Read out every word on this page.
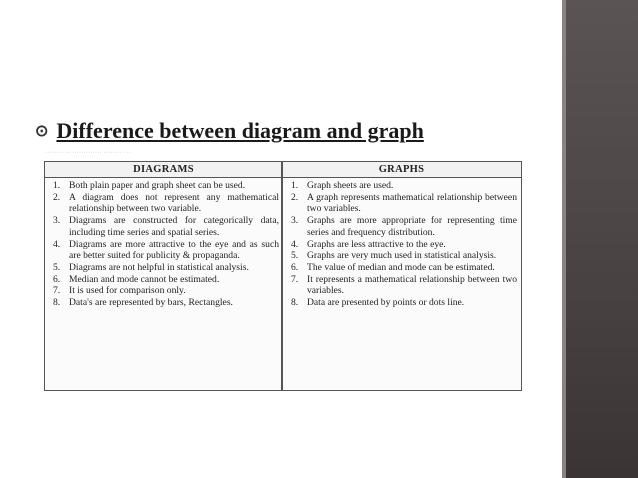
⊙ Difference between diagram and graph
········ ················ ········ ···
DIAGRAMS	GRAPHS
1. Both plain paper and graph sheet can be used.
2. A diagram does not represent any mathematical relationship between two variable.
3. Diagrams are constructed for categorically data, including time series and spatial series.
4. Diagrams are more attractive to the eye and as such are better suited for publicity & propaganda.
5. Diagrams are not helpful in statistical analysis.
6. Median and mode cannot be estimated.
7. It is used for comparison only.
8. Data's are represented by bars, Rectangles.
1. Graph sheets are used.
2. A graph represents mathematical relationship between two variables.
3. Graphs are more appropriate for representing time series and frequency distribution.
4. Graphs are less attractive to the eye.
5. Graphs are very much used in statistical analysis.
6. The value of median and mode can be estimated.
7. It represents a mathematical relationship between two variables.
8. Data are presented by points or dots line.
